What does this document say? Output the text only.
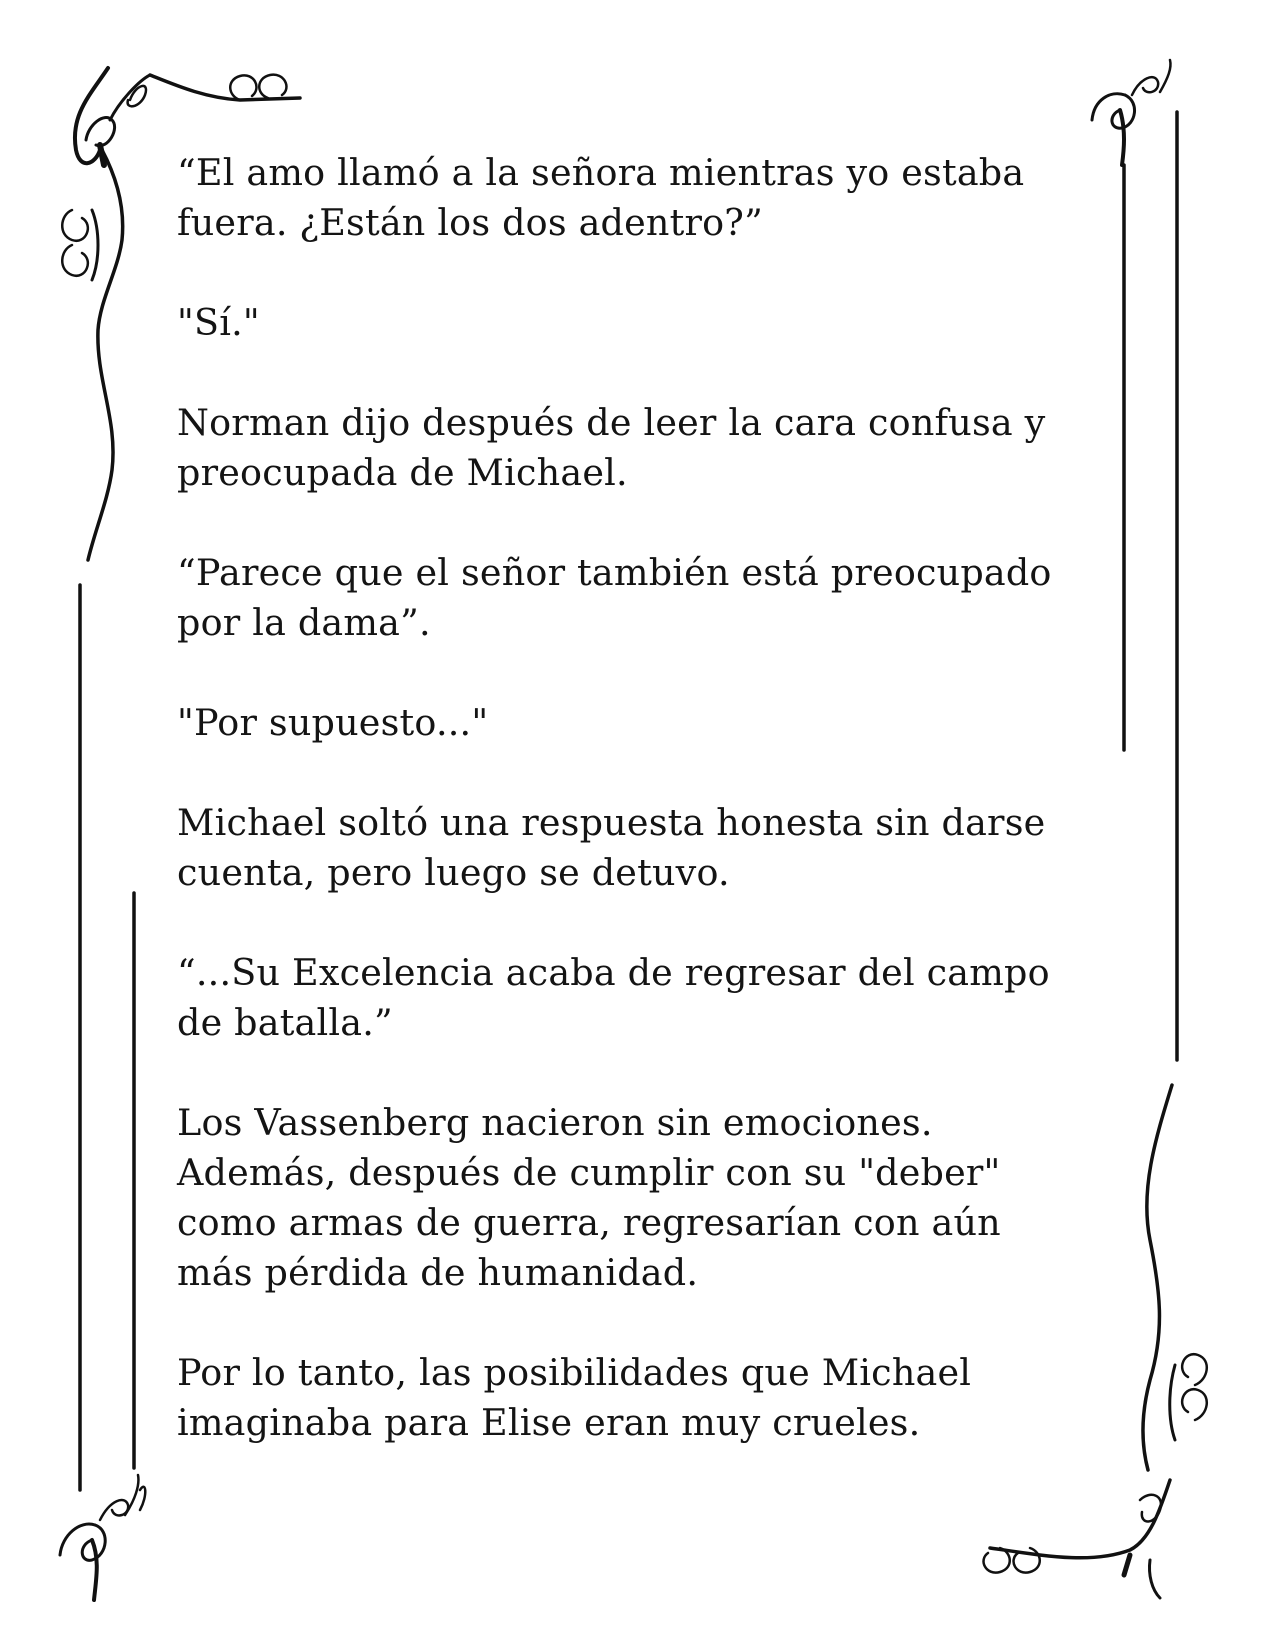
“El amo llamó a la señora mientras yo estaba
fuera. ¿Están los dos adentro?”

"Sí."

Norman dijo después de leer la cara confusa y
preocupada de Michael.

“Parece que el señor también está preocupado
por la dama”.

"Por supuesto..."

Michael soltó una respuesta honesta sin darse
cuenta, pero luego se detuvo.

“...Su Excelencia acaba de regresar del campo
de batalla.”

Los Vassenberg nacieron sin emociones.
Además, después de cumplir con su "deber"
como armas de guerra, regresarían con aún
más pérdida de humanidad.

Por lo tanto, las posibilidades que Michael
imaginaba para Elise eran muy crueles.
